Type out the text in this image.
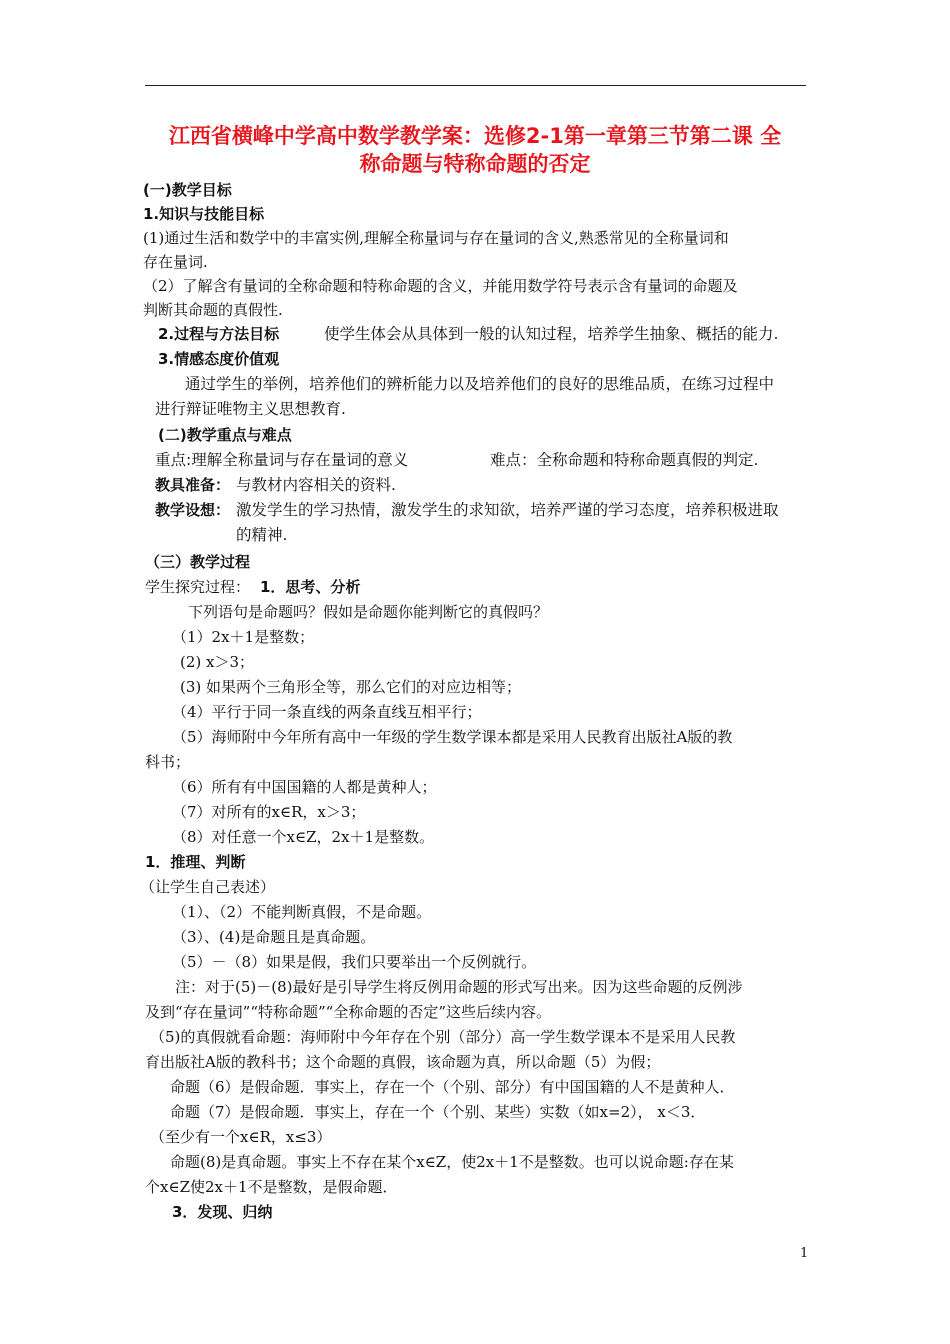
江西省横峰中学高中数学教学案：选修2-1第一章第三节第二课 全
称命题与特称命题的否定
(一)教学目标
1.知识与技能目标
(1)通过生活和数学中的丰富实例,理解全称量词与存在量词的含义,熟悉常见的全称量词和
存在量词.
（2）了解含有量词的全称命题和特称命题的含义，并能用数学符号表示含有量词的命题及
判断其命题的真假性.
2.过程与方法目标	使学生体会从具体到一般的认知过程，培养学生抽象、概括的能力.
3.情感态度价值观
通过学生的举例，培养他们的辨析能力以及培养他们的良好的思维品质，在练习过程中
进行辩证唯物主义思想教育.
(二)教学重点与难点
重点:理解全称量词与存在量词的意义	难点：全称命题和特称命题真假的判定.
教具准备： 与教材内容相关的资料.
教学设想： 激发学生的学习热情，激发学生的求知欲，培养严谨的学习态度，培养积极进取
的精神.
（三）教学过程
学生探究过程： 1．思考、分析
下列语句是命题吗？假如是命题你能判断它的真假吗？
（1）2x＋1是整数；
(2) x＞3；
(3) 如果两个三角形全等，那么它们的对应边相等；
（4）平行于同一条直线的两条直线互相平行；
（5）海师附中今年所有高中一年级的学生数学课本都是采用人民教育出版社A版的教
科书；
（6）所有有中国国籍的人都是黄种人；
（7）对所有的x∈R，x＞3；
（8）对任意一个x∈Z，2x＋1是整数。
1．推理、判断
（让学生自己表述）
（1）、（2）不能判断真假，不是命题。
（3）、(4)是命题且是真命题。
（5）－（8）如果是假，我们只要举出一个反例就行。
注：对于(5)－(8)最好是引导学生将反例用命题的形式写出来。因为这些命题的反例涉
及到“存在量词”“特称命题”“全称命题的否定”这些后续内容。
（5)的真假就看命题：海师附中今年存在个别（部分）高一学生数学课本不是采用人民教
育出版社A版的教科书；这个命题的真假，该命题为真，所以命题（5）为假；
命题（6）是假命题．事实上，存在一个（个别、部分）有中国国籍的人不是黄种人．
命题（7）是假命题．事实上，存在一个（个别、某些）实数（如x=2）， x＜3．
（至少有一个x∈R，x≤3）
命题(8)是真命题。事实上不存在某个x∈Z，使2x＋1不是整数。也可以说命题:存在某
个x∈Z使2x＋1不是整数，是假命题．
3．发现、归纳
1
